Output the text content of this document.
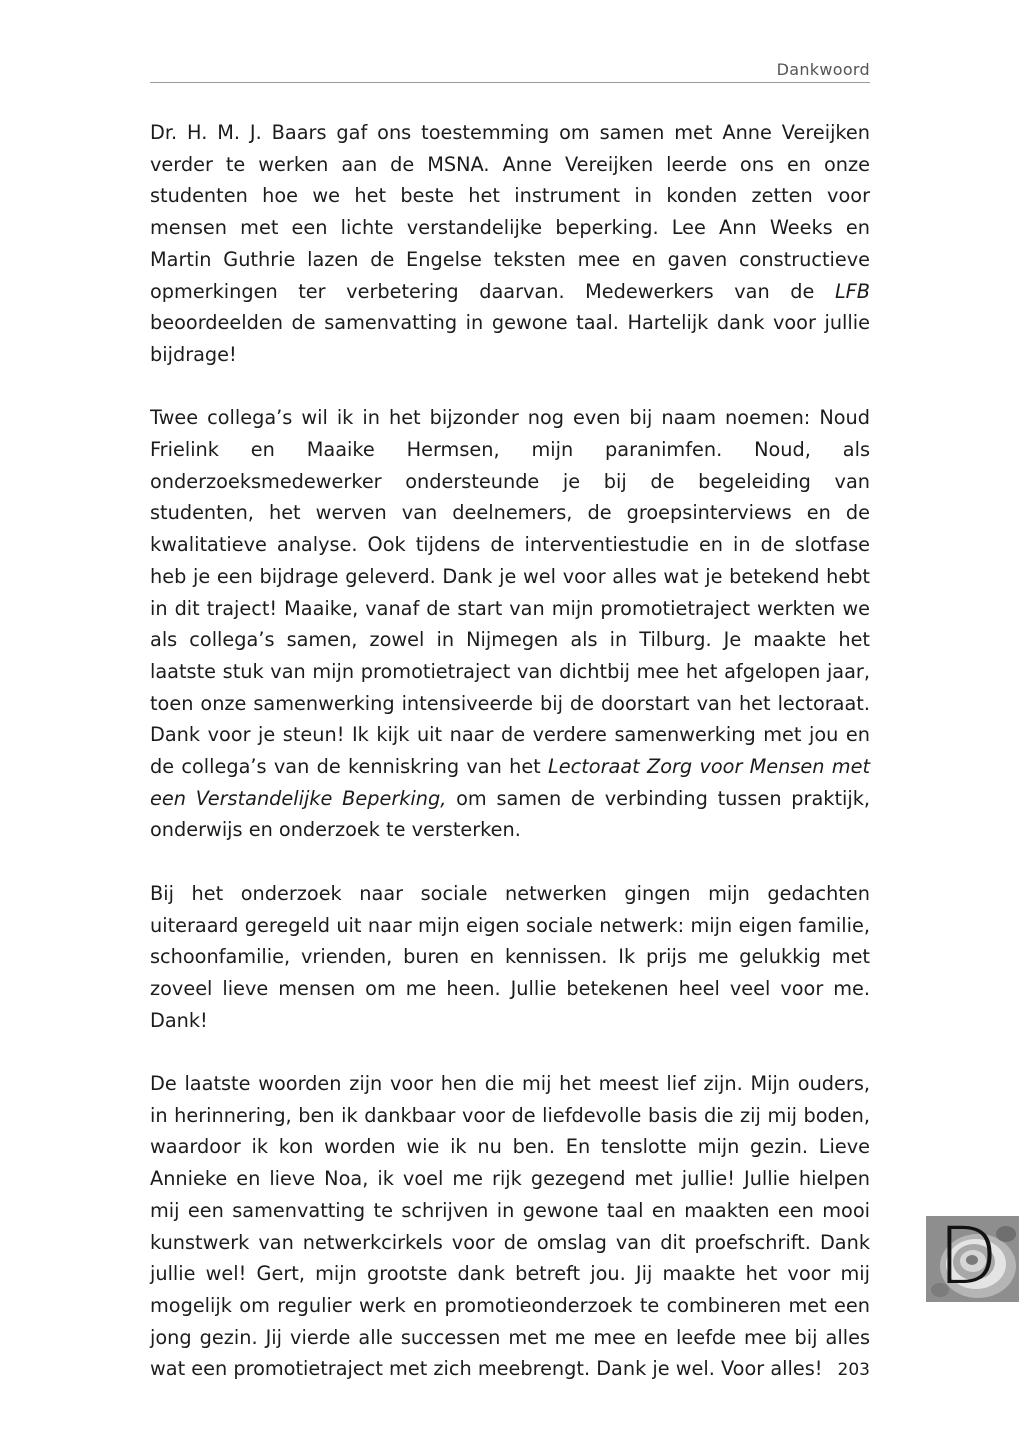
Dankwoord

Dr. H. M. J. Baars gaf ons toestemming om samen met Anne Vereijken verder te werken aan de MSNA. Anne Vereijken leerde ons en onze studenten hoe we het beste het instrument in konden zetten voor mensen met een lichte verstandelijke beperking. Lee Ann Weeks en Martin Guthrie lazen de Engelse teksten mee en gaven constructieve opmerkingen ter verbetering daarvan. Medewerkers van de LFB beoordeelden de samenvatting in gewone taal. Hartelijk dank voor jullie bijdrage!

Twee collega’s wil ik in het bijzonder nog even bij naam noemen: Noud Frielink en Maaike Hermsen, mijn paranimfen. Noud, als onderzoeksmedewerker ondersteunde je bij de begeleiding van studenten, het werven van deelnemers, de groepsinterviews en de kwalitatieve analyse. Ook tijdens de interventiestudie en in de slotfase heb je een bijdrage geleverd. Dank je wel voor alles wat je betekend hebt in dit traject! Maaike, vanaf de start van mijn promotietraject werkten we als collega’s samen, zowel in Nijmegen als in Tilburg. Je maakte het laatste stuk van mijn promotietraject van dichtbij mee het afgelopen jaar, toen onze samenwerking intensiveerde bij de doorstart van het lectoraat. Dank voor je steun! Ik kijk uit naar de verdere samenwerking met jou en de collega’s van de kenniskring van het Lectoraat Zorg voor Mensen met een Verstandelijke Beperking, om samen de verbinding tussen praktijk, onderwijs en onderzoek te versterken.

Bij het onderzoek naar sociale netwerken gingen mijn gedachten uiteraard geregeld uit naar mijn eigen sociale netwerk: mijn eigen familie, schoonfamilie, vrienden, buren en kennissen. Ik prijs me gelukkig met zoveel lieve mensen om me heen. Jullie betekenen heel veel voor me. Dank!

De laatste woorden zijn voor hen die mij het meest lief zijn. Mijn ouders, in herinnering, ben ik dankbaar voor de liefdevolle basis die zij mij boden, waardoor ik kon worden wie ik nu ben. En tenslotte mijn gezin. Lieve Annieke en lieve Noa, ik voel me rijk gezegend met jullie! Jullie hielpen mij een samenvatting te schrijven in gewone taal en maakten een mooi kunstwerk van netwerkcirkels voor de omslag van dit proefschrift. Dank jullie wel! Gert, mijn grootste dank betreft jou. Jij maakte het voor mij mogelijk om regulier werk en promotieonderzoek te combineren met een jong gezin. Jij vierde alle successen met me mee en leefde mee bij alles wat een promotietraject met zich meebrengt. Dank je wel. Voor alles!

D
203
